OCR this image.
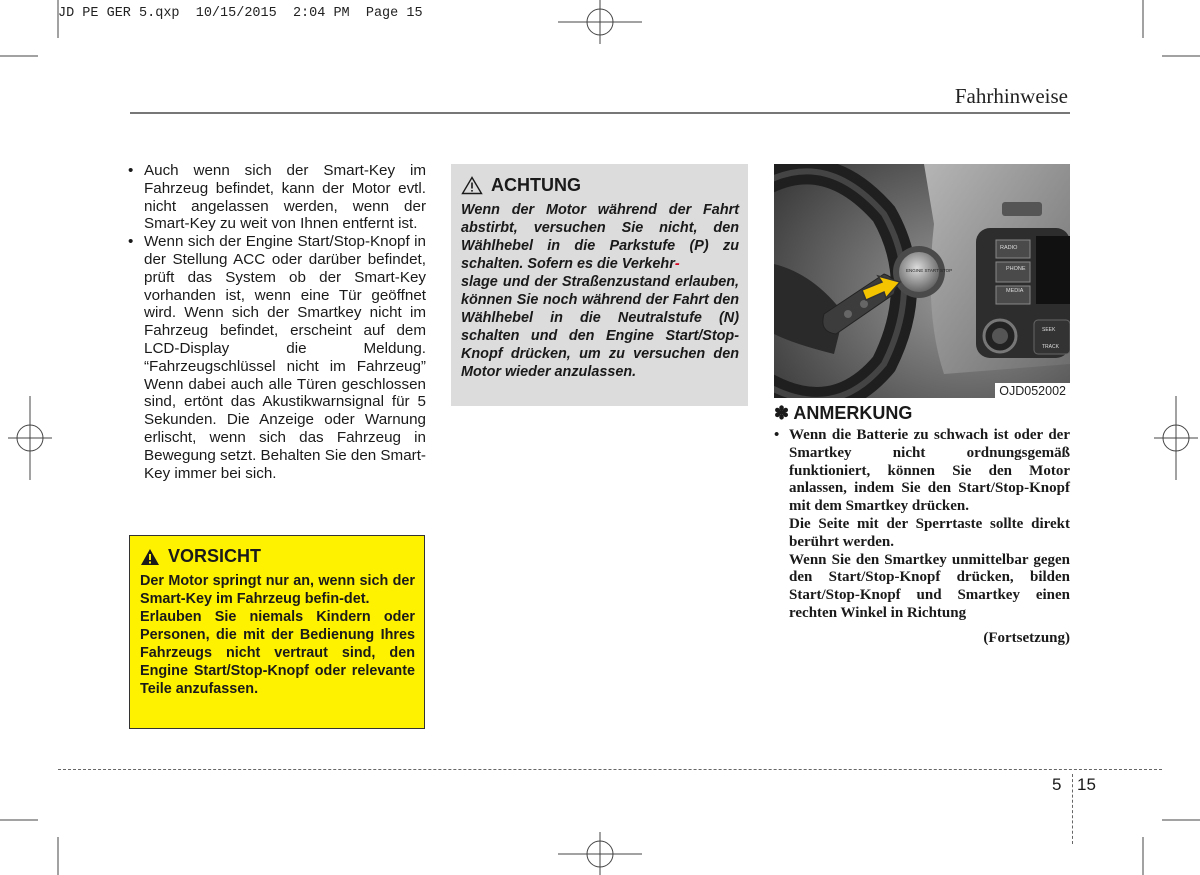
JD PE GER 5.qxp  10/15/2015  2:04 PM  Page 15
Fahrhinweise
• Auch wenn sich der Smart-Key im Fahrzeug befindet, kann der Motor evtl. nicht angelassen werden, wenn der Smart-Key zu weit von Ihnen entfernt ist.
• Wenn sich der Engine Start/Stop-Knopf in der Stellung ACC oder darüber befindet, prüft das System ob der Smart-Key vorhanden ist, wenn eine Tür geöffnet wird. Wenn sich der Smartkey nicht im Fahrzeug befindet, erscheint auf dem LCD-Display die Meldung. “Fahrzeugschlüssel nicht im Fahrzeug” Wenn dabei auch alle Türen geschlossen sind, ertönt das Akustikwarnsignal für 5 Sekunden. Die Anzeige oder Warnung erlischt, wenn sich das Fahrzeug in Bewegung setzt. Behalten Sie den Smart-Key immer bei sich.
VORSICHT

Der Motor springt nur an, wenn sich der Smart-Key im Fahrzeug befin-det.

Erlauben Sie niemals Kindern oder Personen, die mit der Bedienung Ihres Fahrzeugs nicht vertraut sind, den Engine Start/Stop-Knopf oder relevante Teile anzufassen.

ACHTUNG

Wenn der Motor während der Fahrt abstirbt, versuchen Sie nicht, den Wählhebel in die Parkstufe (P) zu schalten. Sofern es die Verkehr-
slage und der Straßenzustand erlauben, können Sie noch während der Fahrt den Wählhebel in die Neutralstufe (N) schalten und den Engine Start/Stop-Knopf drücken, um zu versuchen den Motor wieder anzulassen.

RADIO
PHONE
MEDIA
SEEK
TRACK
ENGINE START STOP
OJD052002
✽ ANMERKUNG

• Wenn die Batterie zu schwach ist oder der Smartkey nicht ordnungsgemäß funktioniert, können Sie den Motor anlassen, indem Sie den Start/Stop-Knopf mit dem Smartkey drücken.

Die Seite mit der Sperrtaste sollte direkt berührt werden.

Wenn Sie den Smartkey unmittelbar gegen den Start/Stop-Knopf drücken, bilden Start/Stop-Knopf und Smartkey einen rechten Winkel in Richtung

(Fortsetzung)

5 15
